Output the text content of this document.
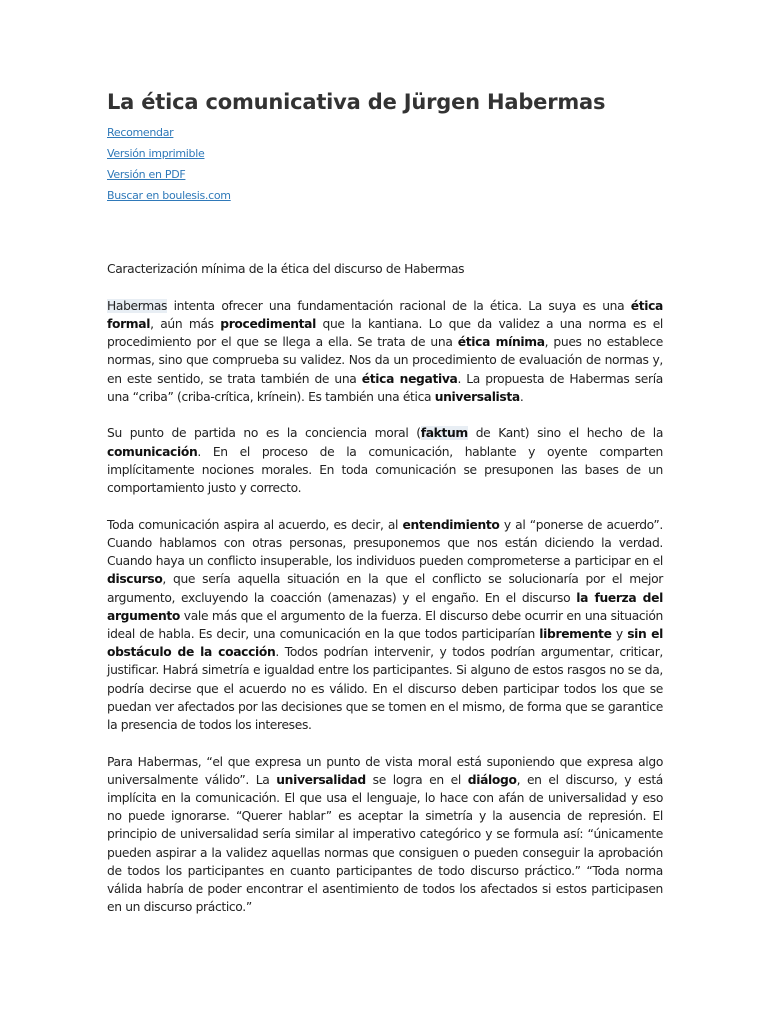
La ética comunicativa de Jürgen Habermas
Recomendar
Versión imprimible
Versión en PDF
Buscar en boulesis.com

Caracterización mínima de la ética del discurso de Habermas

Habermas intenta ofrecer una fundamentación racional de la ética. La suya es una ética formal, aún más procedimental que la kantiana. Lo que da validez a una norma es el procedimiento por el que se llega a ella. Se trata de una ética mínima, pues no establece normas, sino que comprueba su validez. Nos da un procedimiento de evaluación de normas y, en este sentido, se trata también de una ética negativa. La propuesta de Habermas sería una “criba” (criba-crítica, krínein). Es también una ética universalista.

Su punto de partida no es la conciencia moral (faktum de Kant) sino el hecho de la comunicación. En el proceso de la comunicación, hablante y oyente comparten implícitamente nociones morales. En toda comunicación se presuponen las bases de un comportamiento justo y correcto.

Toda comunicación aspira al acuerdo, es decir, al entendimiento y al “ponerse de acuerdo”. Cuando hablamos con otras personas, presuponemos que nos están diciendo la verdad. Cuando haya un conflicto insuperable, los individuos pueden comprometerse a participar en el discurso, que sería aquella situación en la que el conflicto se solucionaría por el mejor argumento, excluyendo la coacción (amenazas) y el engaño. En el discurso la fuerza del argumento vale más que el argumento de la fuerza. El discurso debe ocurrir en una situación ideal de habla. Es decir, una comunicación en la que todos participarían libremente y sin el obstáculo de la coacción. Todos podrían intervenir, y todos podrían argumentar, criticar, justificar. Habrá simetría e igualdad entre los participantes. Si alguno de estos rasgos no se da, podría decirse que el acuerdo no es válido. En el discurso deben participar todos los que se puedan ver afectados por las decisiones que se tomen en el mismo, de forma que se garantice la presencia de todos los intereses.

Para Habermas, “el que expresa un punto de vista moral está suponiendo que expresa algo universalmente válido”. La universalidad se logra en el diálogo, en el discurso, y está implícita en la comunicación. El que usa el lenguaje, lo hace con afán de universalidad y eso no puede ignorarse. “Querer hablar” es aceptar la simetría y la ausencia de represión. El principio de universalidad sería similar al imperativo categórico y se formula así: “únicamente pueden aspirar a la validez aquellas normas que consiguen o pueden conseguir la aprobación de todos los participantes en cuanto participantes de todo discurso práctico.” “Toda norma válida habría de poder encontrar el asentimiento de todos los afectados si estos participasen en un discurso práctico.”
